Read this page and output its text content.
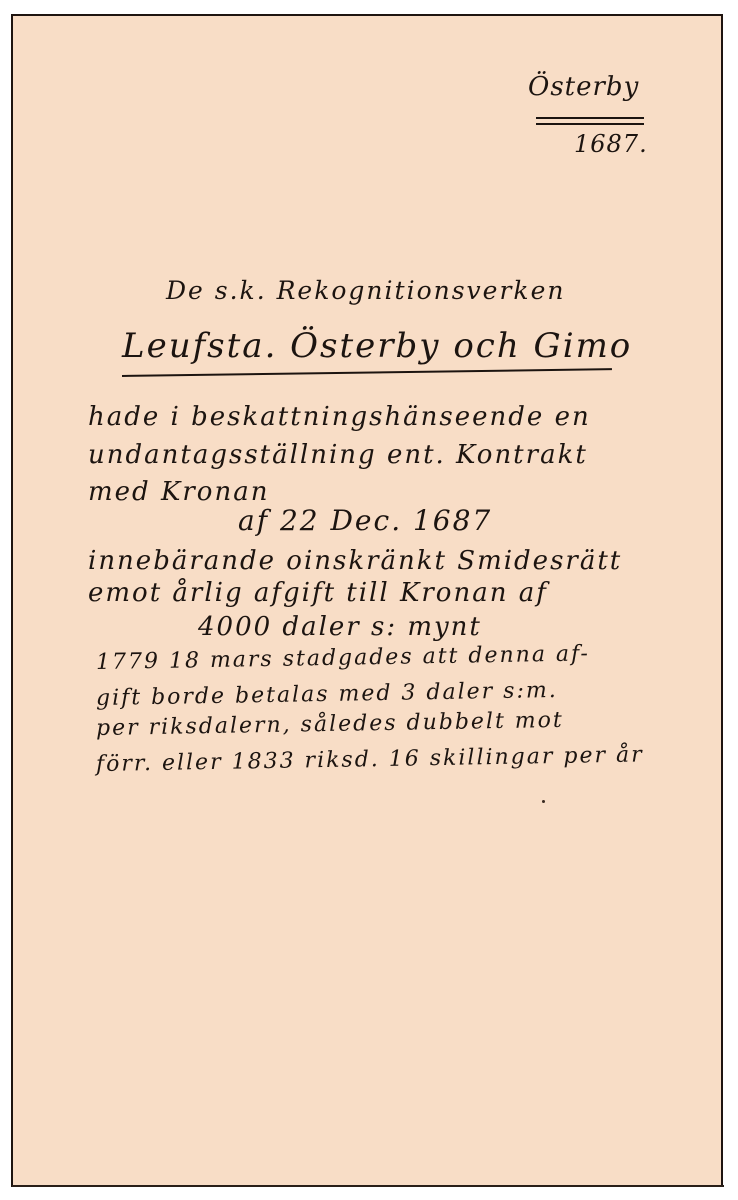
Österby
1687.
De s.k. Rekognitionsverken
Leufsta. Österby och Gimo
hade i beskattningshänseende en
undantagsställning ent. Kontrakt
med Kronan
af 22 Dec. 1687
innebärande oinskränkt Smidesrätt
emot årlig afgift till Kronan af
4000 daler s: mynt
1779 18 mars stadgades att denna af-
gift borde betalas med 3 daler s:m.
per riksdalern, således dubbelt mot
förr. eller 1833 riksd. 16 skillingar per år
